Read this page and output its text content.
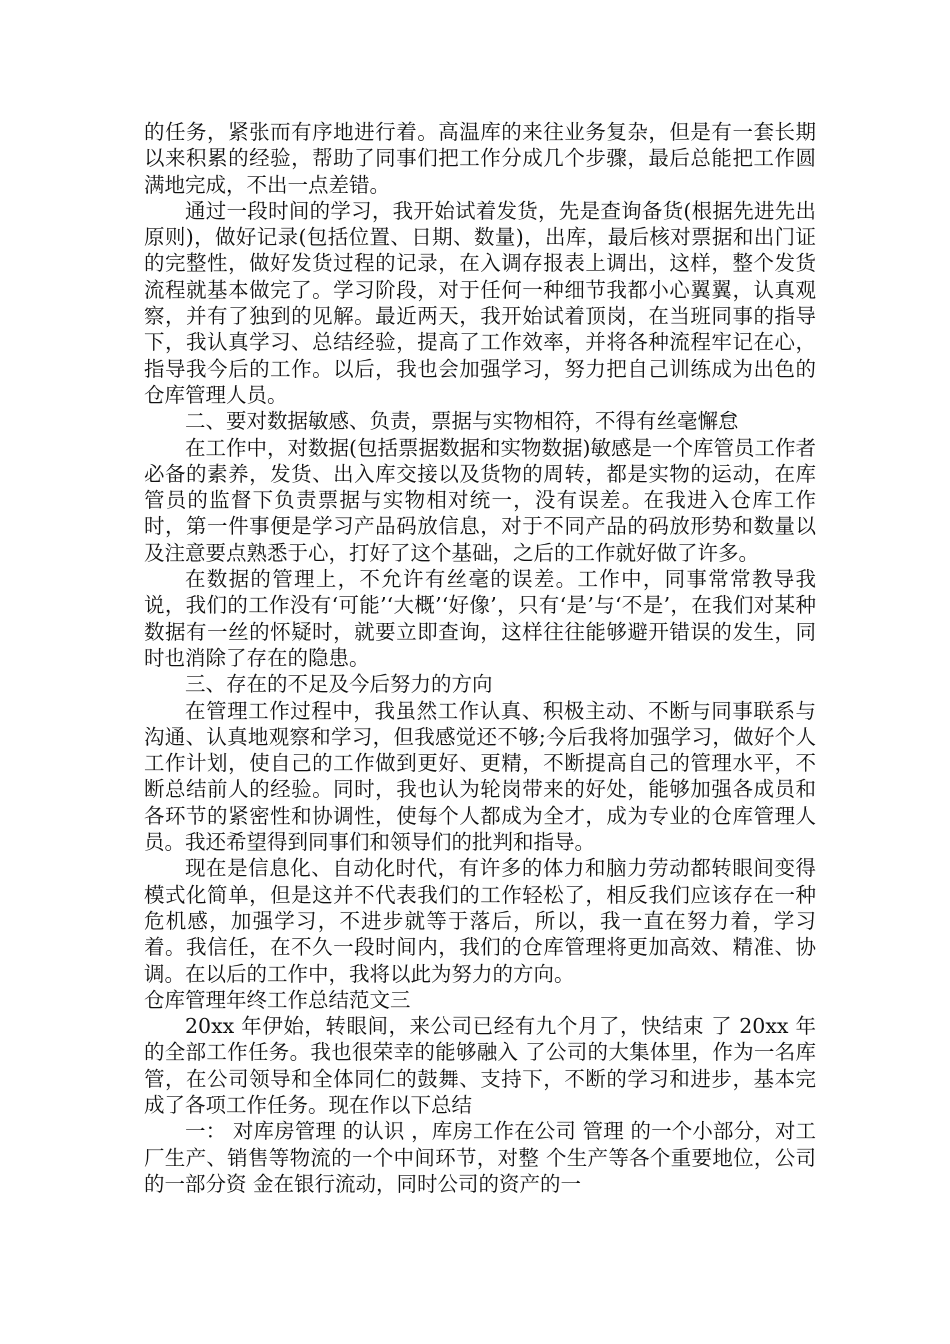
的任务，紧张而有序地进行着。高温库的来往业务复杂，但是有一套长期以来积累的经验，帮助了同事们把工作分成几个步骤，最后总能把工作圆满地完成，不出一点差错。

通过一段时间的学习，我开始试着发货，先是查询备货(根据先进先出原则)，做好记录(包括位置、日期、数量)，出库，最后核对票据和出门证的完整性，做好发货过程的记录，在入调存报表上调出，这样，整个发货流程就基本做完了。学习阶段，对于任何一种细节我都小心翼翼，认真观察，并有了独到的见解。最近两天，我开始试着顶岗，在当班同事的指导下，我认真学习、总结经验，提高了工作效率，并将各种流程牢记在心，指导我今后的工作。以后，我也会加强学习，努力把自己训练成为出色的仓库管理人员。

二、要对数据敏感、负责，票据与实物相符，不得有丝毫懈怠

在工作中，对数据(包括票据数据和实物数据)敏感是一个库管员工作者必备的素养，发货、出入库交接以及货物的周转，都是实物的运动，在库管员的监督下负责票据与实物相对统一，没有误差。在我进入仓库工作时，第一件事便是学习产品码放信息，对于不同产品的码放形势和数量以及注意要点熟悉于心，打好了这个基础，之后的工作就好做了许多。

在数据的管理上，不允许有丝毫的误差。工作中，同事常常教导我说，我们的工作没有‘可能’‘大概’‘好像’，只有‘是’与‘不是’，在我们对某种数据有一丝的怀疑时，就要立即查询，这样往往能够避开错误的发生，同时也消除了存在的隐患。

三、存在的不足及今后努力的方向

在管理工作过程中，我虽然工作认真、积极主动、不断与同事联系与沟通、认真地观察和学习，但我感觉还不够;今后我将加强学习，做好个人工作计划，使自己的工作做到更好、更精，不断提高自己的管理水平，不断总结前人的经验。同时，我也认为轮岗带来的好处，能够加强各成员和各环节的紧密性和协调性，使每个人都成为全才，成为专业的仓库管理人员。我还希望得到同事们和领导们的批判和指导。

现在是信息化、自动化时代，有许多的体力和脑力劳动都转眼间变得模式化简单，但是这并不代表我们的工作轻松了，相反我们应该存在一种危机感，加强学习，不进步就等于落后，所以，我一直在努力着，学习着。我信任，在不久一段时间内，我们的仓库管理将更加高效、精准、协调。在以后的工作中，我将以此为努力的方向。

仓库管理年终工作总结范文三

20xx 年伊始，转眼间，来公司已经有九个月了，快结束 了 20xx 年的全部工作任务。我也很荣幸的能够融入 了公司的大集体里，作为一名库管，在公司领导和全体同仁的鼓舞、支持下，不断的学习和进步，基本完成了各项工作任务。现在作以下总结

一： 对库房管理 的认识 ，库房工作在公司 管理 的一个小部分，对工厂生产、销售等物流的一个中间环节，对整 个生产等各个重要地位，公司 的一部分资 金在银行流动，同时公司的资产的一
